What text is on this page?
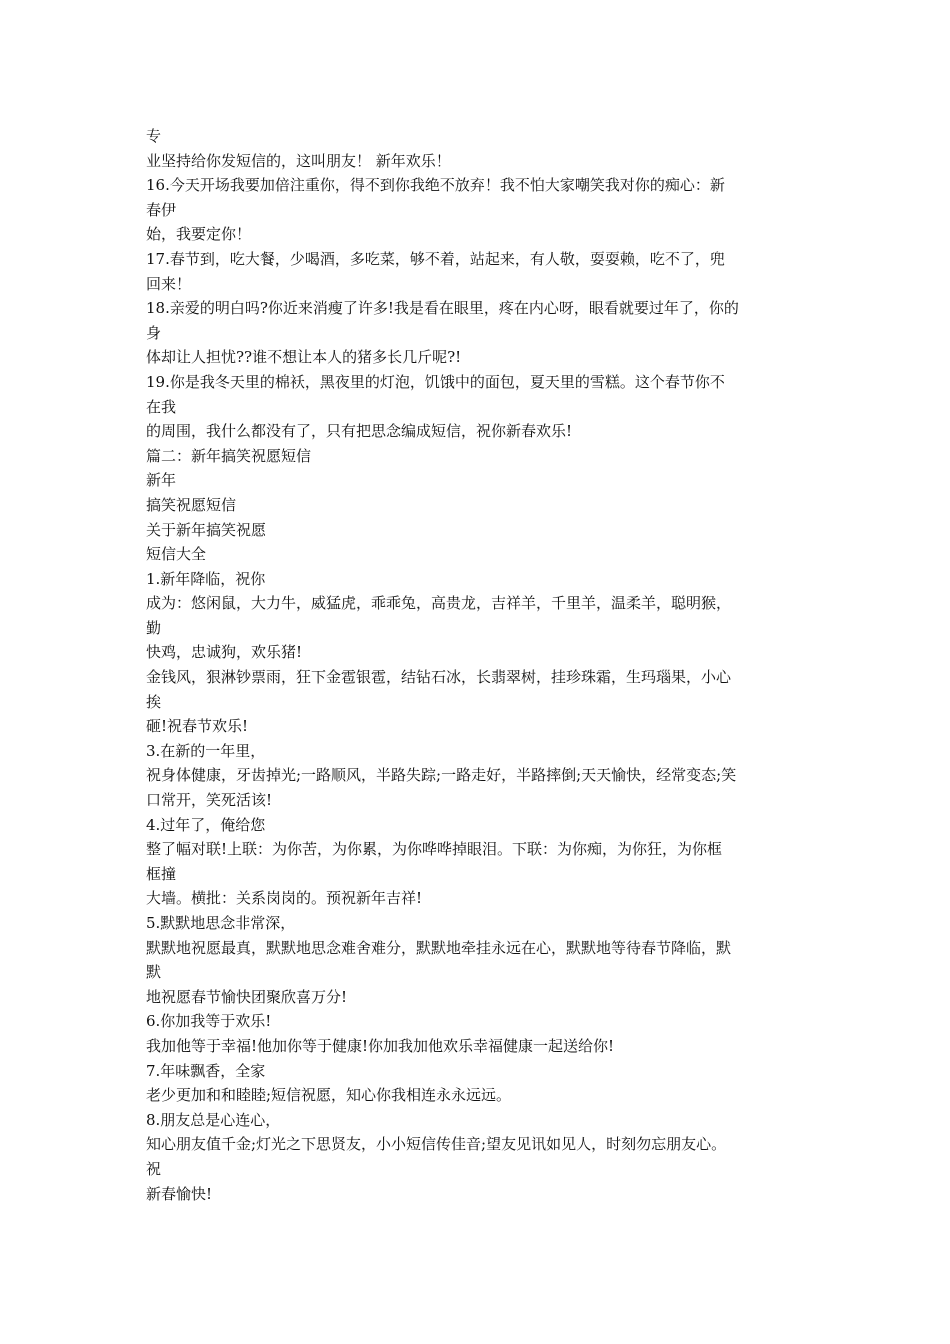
专
业坚持给你发短信的，这叫朋友！ 新年欢乐！
16.今天开场我要加倍注重你，得不到你我绝不放弃！我不怕大家嘲笑我对你的痴心：新
春伊
始，我要定你！
17.春节到，吃大餐，少喝酒，多吃菜，够不着，站起来，有人敬，耍耍赖，吃不了，兜
回来！
18.亲爱的明白吗?你近来消瘦了许多!我是看在眼里，疼在内心呀，眼看就要过年了，你的
身
体却让人担忧??谁不想让本人的猪多长几斤呢?!
19.你是我冬天里的棉袄，黑夜里的灯泡，饥饿中的面包，夏天里的雪糕。这个春节你不
在我
的周围，我什么都没有了，只有把思念编成短信，祝你新春欢乐!
篇二：新年搞笑祝愿短信
新年
搞笑祝愿短信
关于新年搞笑祝愿
短信大全
1.新年降临，祝你
成为：悠闲鼠，大力牛，威猛虎，乖乖兔，高贵龙，吉祥羊，千里羊，温柔羊，聪明猴，
勤
快鸡，忠诚狗，欢乐猪!
金钱风，狠淋钞票雨，狂下金雹银雹，结钻石冰，长翡翠树，挂珍珠霜，生玛瑙果，小心
挨
砸!祝春节欢乐!
3.在新的一年里，
祝身体健康，牙齿掉光;一路顺风，半路失踪;一路走好，半路摔倒;天天愉快，经常变态;笑
口常开，笑死活该!
4.过年了，俺给您
整了幅对联!上联：为你苦，为你累，为你哗哗掉眼泪。下联：为你痴，为你狂，为你框
框撞
大墙。横批：关系岗岗的。预祝新年吉祥!
5.默默地思念非常深，
默默地祝愿最真，默默地思念难舍难分，默默地牵挂永远在心，默默地等待春节降临，默
默
地祝愿春节愉快团聚欣喜万分!
6.你加我等于欢乐!
我加他等于幸福!他加你等于健康!你加我加他欢乐幸福健康一起送给你!
7.年味飘香，全家
老少更加和和睦睦;短信祝愿，知心你我相连永永远远。
8.朋友总是心连心，
知心朋友值千金;灯光之下思贤友，小小短信传佳音;望友见讯如见人，时刻勿忘朋友心。
祝
新春愉快!
